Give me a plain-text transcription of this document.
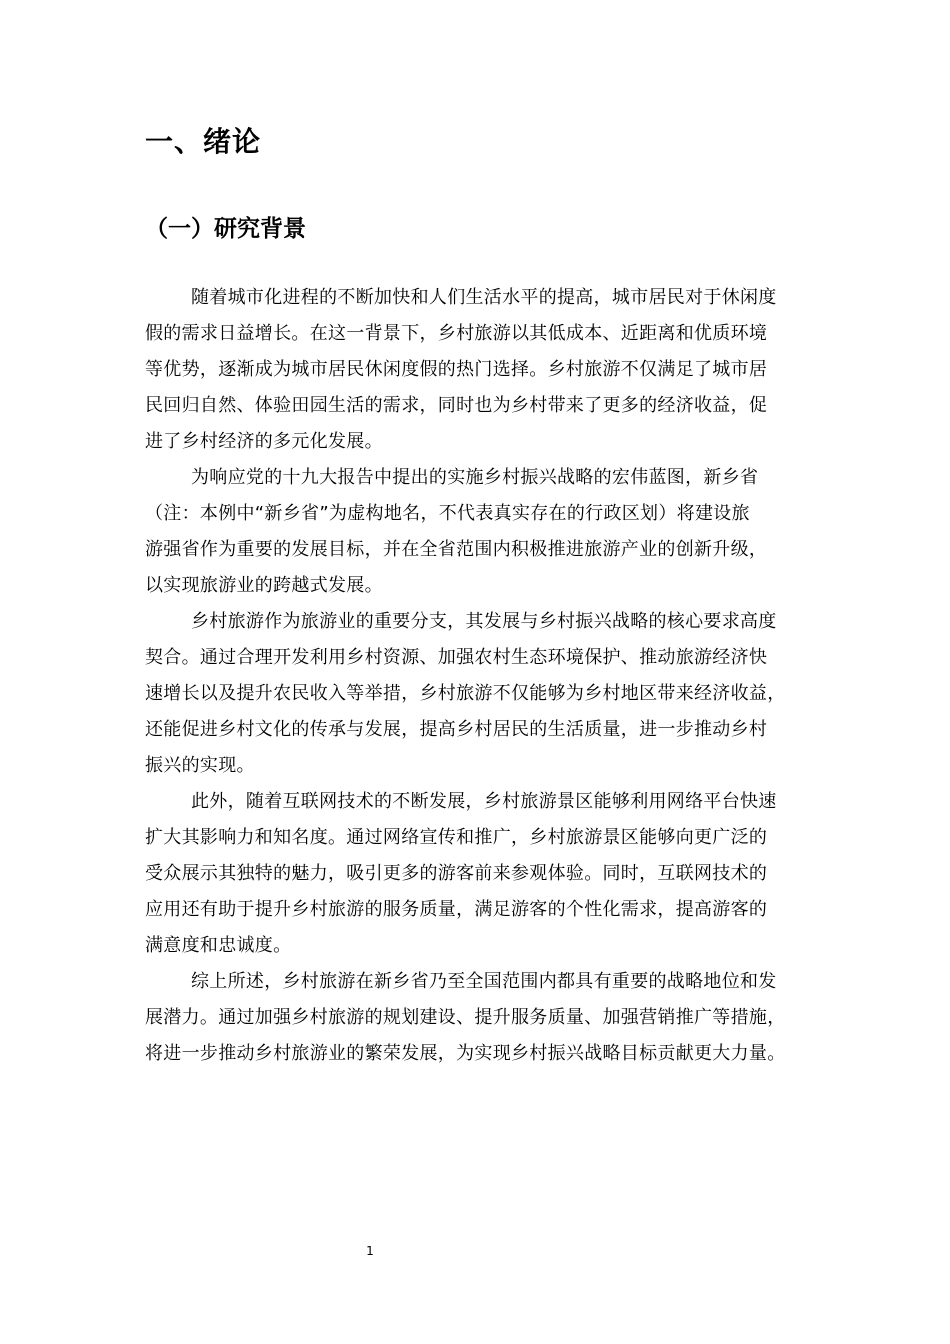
一、绪论
（一）研究背景

随着城市化进程的不断加快和人们生活水平的提高，城市居民对于休闲度
假的需求日益增长。在这一背景下，乡村旅游以其低成本、近距离和优质环境
等优势，逐渐成为城市居民休闲度假的热门选择。乡村旅游不仅满足了城市居
民回归自然、体验田园生活的需求，同时也为乡村带来了更多的经济收益，促
进了乡村经济的多元化发展。

为响应党的十九大报告中提出的实施乡村振兴战略的宏伟蓝图，新乡省
（注：本例中“新乡省”为虚构地名，不代表真实存在的行政区划）将建设旅
游强省作为重要的发展目标，并在全省范围内积极推进旅游产业的创新升级，
以实现旅游业的跨越式发展。

乡村旅游作为旅游业的重要分支，其发展与乡村振兴战略的核心要求高度
契合。通过合理开发利用乡村资源、加强农村生态环境保护、推动旅游经济快
速增长以及提升农民收入等举措，乡村旅游不仅能够为乡村地区带来经济收益，
还能促进乡村文化的传承与发展，提高乡村居民的生活质量，进一步推动乡村
振兴的实现。

此外，随着互联网技术的不断发展，乡村旅游景区能够利用网络平台快速
扩大其影响力和知名度。通过网络宣传和推广，乡村旅游景区能够向更广泛的
受众展示其独特的魅力，吸引更多的游客前来参观体验。同时，互联网技术的
应用还有助于提升乡村旅游的服务质量，满足游客的个性化需求，提高游客的
满意度和忠诚度。

综上所述，乡村旅游在新乡省乃至全国范围内都具有重要的战略地位和发
展潜力。通过加强乡村旅游的规划建设、提升服务质量、加强营销推广等措施，
将进一步推动乡村旅游业的繁荣发展，为实现乡村振兴战略目标贡献更大力量。

1
